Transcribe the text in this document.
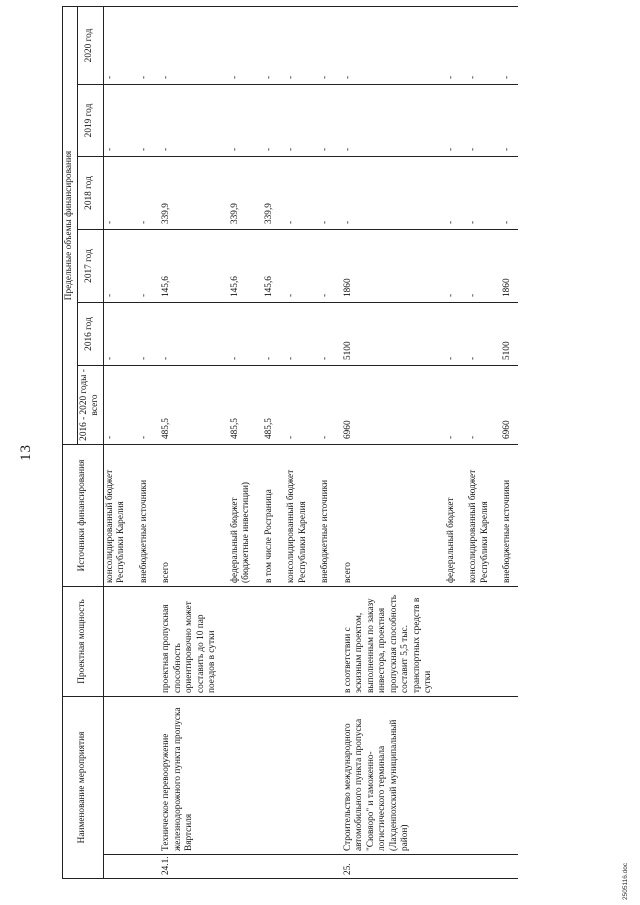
13
Наименование мероприятия		Проектная мощность	Источники финансирования	Предельные объемы финансирования					
				2016 - 2020 годы - всего	2016 год	2017 год	2018 год	2019 год	2020 год

			консолидированный бюджет Республики Карелия	-	-	-	-	-	-

			внебюджетные источники	-	-	-	-	-	-

24.1.	Техническое перевооружение железнодорожного пункта пропуска Вяртсиля	проектная пропускная способность ориентировочно может составить до 10 пар поездов в сутки	всего	485,5	-	145,6	339,9	-	-

			федеральный бюджет (бюджетные инвестиции)	485,5	-	145,6	339,9	-	-

			в том числе Росграница	485,5	-	145,6	339,9	-	-

			консолидированный бюджет Республики Карелия	-	-	-	-	-	-

			внебюджетные источники	-	-	-	-	-	-

25.	Строительство международного автомобильного пункта пропуска "Сювяоро" и таможенно-логистического терминала (Лахденпохский муниципальный район)	в соответствии с эскизным проектом, выполненным по заказу инвестора, проектная пропускная способность составит 5,5 тыс. транспортных средств в сутки	всего	6960	5100	1860	-	-	-

			федеральный бюджет	-	-	-	-	-	-

			консолидированный бюджет Республики Карелия	-	-	-	-	-	-

			внебюджетные источники	6960	5100	1860	-	-	-

2505116.doc
